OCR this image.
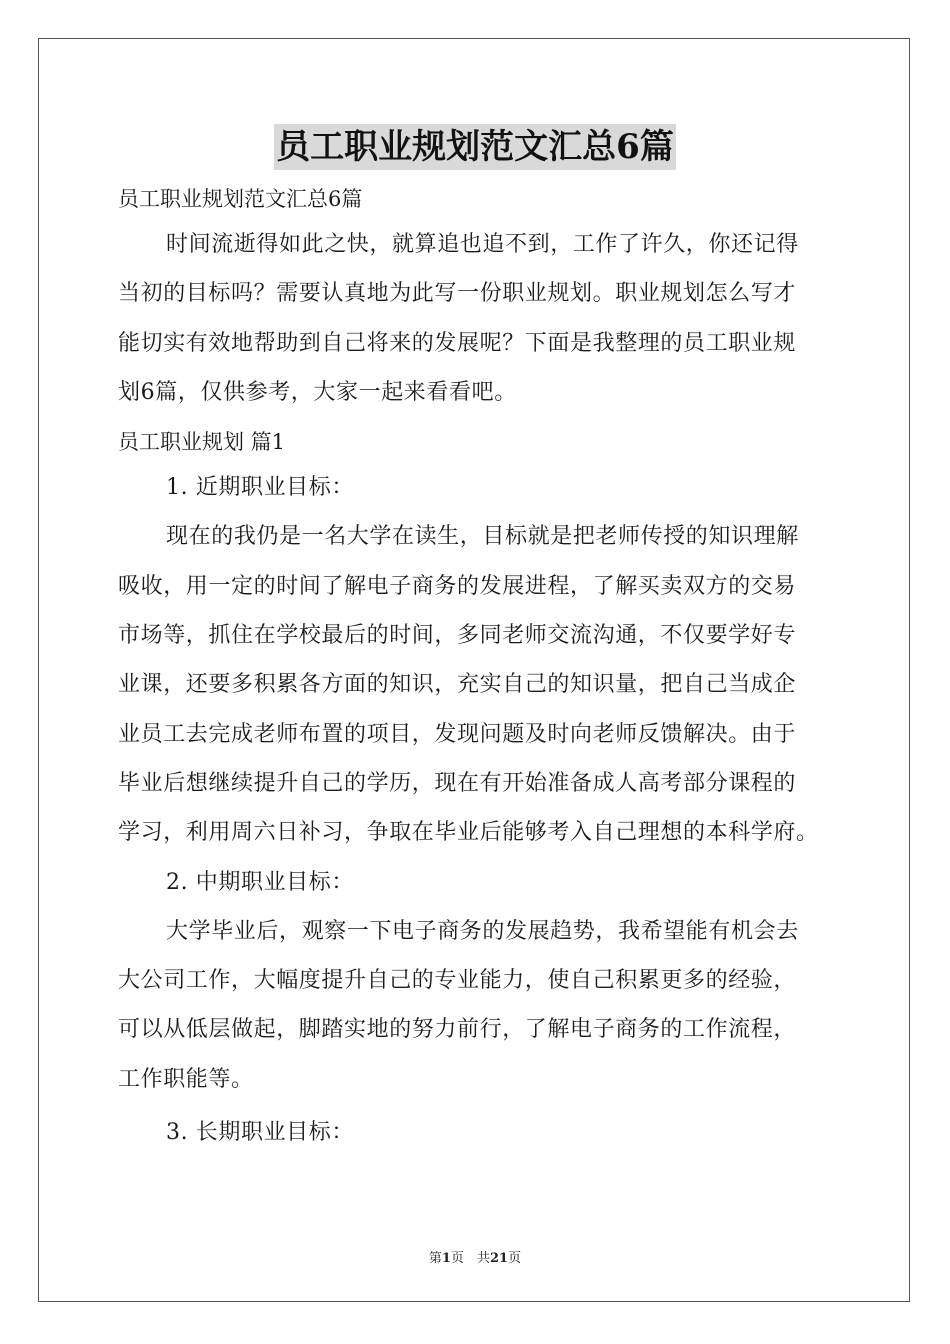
员工职业规划范文汇总6篇
员工职业规划范文汇总6篇
时间流逝得如此之快，就算追也追不到，工作了许久，你还记得
当初的目标吗？需要认真地为此写一份职业规划。职业规划怎么写才
能切实有效地帮助到自己将来的发展呢？下面是我整理的员工职业规
划6篇，仅供参考，大家一起来看看吧。
员工职业规划 篇1
1. 近期职业目标：
现在的我仍是一名大学在读生，目标就是把老师传授的知识理解
吸收，用一定的时间了解电子商务的发展进程，了解买卖双方的交易
市场等，抓住在学校最后的时间，多同老师交流沟通，不仅要学好专
业课，还要多积累各方面的知识，充实自己的知识量，把自己当成企
业员工去完成老师布置的项目，发现问题及时向老师反馈解决。由于
毕业后想继续提升自己的学历，现在有开始准备成人高考部分课程的
学习，利用周六日补习，争取在毕业后能够考入自己理想的本科学府。
2. 中期职业目标：
大学毕业后，观察一下电子商务的发展趋势，我希望能有机会去
大公司工作，大幅度提升自己的专业能力，使自己积累更多的经验，
可以从低层做起，脚踏实地的努力前行，了解电子商务的工作流程，
工作职能等。
3. 长期职业目标：
第1页　共21页
